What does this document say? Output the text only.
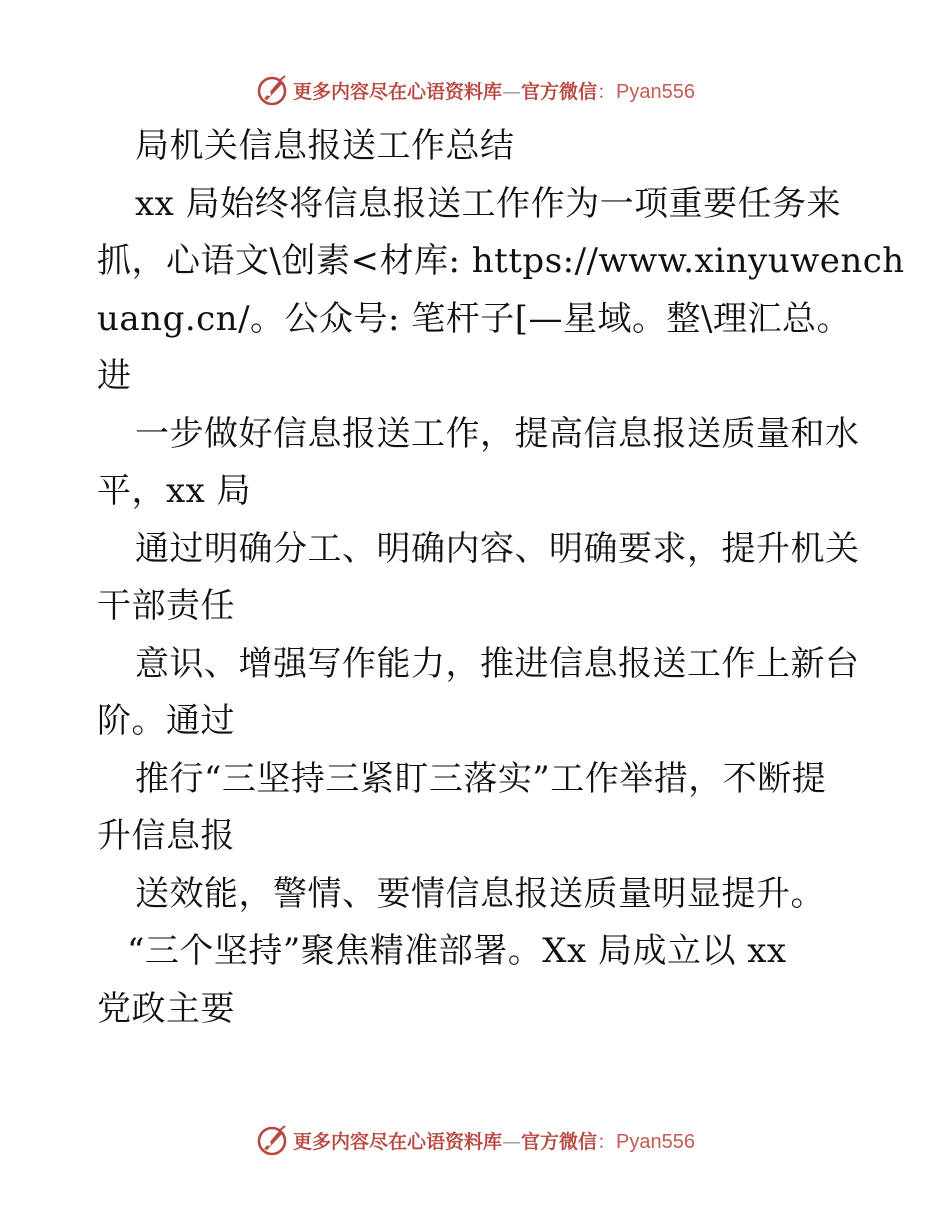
更多内容尽在心语资料库—官方微信：Pyan556
局机关信息报送工作总结
xx 局始终将信息报送工作作为一项重要任务来
抓，心语文\创素<材库: https://www.xinyuwench
uang.cn/。公众号: 笔杆子[—星域。整\理汇总。
进
一步做好信息报送工作，提高信息报送质量和水
平，xx 局
通过明确分工、明确内容、明确要求，提升机关
干部责任
意识、增强写作能力，推进信息报送工作上新台
阶。通过
推行“三坚持三紧盯三落实”工作举措，不断提
升信息报
送效能，警情、要情信息报送质量明显提升。
“三个坚持”聚焦精准部署。Xx 局成立以 xx
党政主要
更多内容尽在心语资料库—官方微信：Pyan556
